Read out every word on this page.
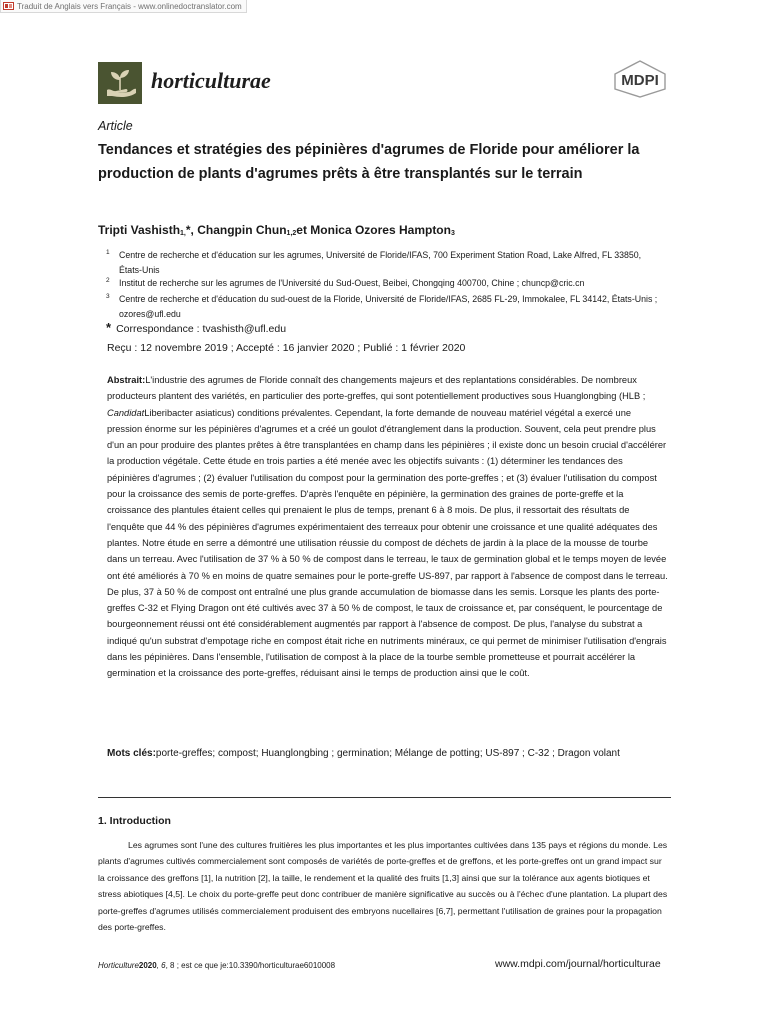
Traduit de Anglais vers Français - www.onlinedoctranslator.com
horticulturae	MDPI
Article
Tendances et stratégies des pépinières d'agrumes de Floride pour améliorer la production de plants d'agrumes prêts à être transplantés sur le terrain
Tripti Vashisth$_{1,}$*, Changpin Chun$_{1,2}$et Monica Ozores Hampton$_3$
1 Centre de recherche et d'éducation sur les agrumes, Université de Floride/IFAS, 700 Experiment Station Road, Lake Alfred, FL 33850, États-Unis
2 Institut de recherche sur les agrumes de l'Université du Sud-Ouest, Beibei, Chongqing 400700, Chine ; chuncp@cric.cn
3 Centre de recherche et d'éducation du sud-ouest de la Floride, Université de Floride/IFAS, 2685 FL-29, Immokalee, FL 34142, États-Unis ; ozores@ufl.edu
* Correspondance : tvashisth@ufl.edu
Reçu : 12 novembre 2019 ; Accepté : 16 janvier 2020 ; Publié : 1 février 2020
Abstrait:L'industrie des agrumes de Floride connaît des changements majeurs et des replantations considérables. De nombreux producteurs plantent des variétés, en particulier des porte-greffes, qui sont potentiellement productives sous Huanglongbing (HLB ; CandidatLiberibacter asiaticus) conditions prévalentes. Cependant, la forte demande de nouveau matériel végétal a exercé une pression énorme sur les pépinières d'agrumes et a créé un goulot d'étranglement dans la production. Souvent, cela peut prendre plus d'un an pour produire des plantes prêtes à être transplantées en champ dans les pépinières ; il existe donc un besoin crucial d'accélérer la production végétale. Cette étude en trois parties a été menée avec les objectifs suivants : (1) déterminer les tendances des pépinières d'agrumes ; (2) évaluer l'utilisation du compost pour la germination des porte-greffes ; et (3) évaluer l'utilisation du compost pour la croissance des semis de porte-greffes. D'après l'enquête en pépinière, la germination des graines de porte-greffe et la croissance des plantules étaient celles qui prenaient le plus de temps, prenant 6 à 8 mois. De plus, il ressortait des résultats de l'enquête que 44 % des pépinières d'agrumes expérimentaient des terreaux pour obtenir une croissance et une qualité adéquates des plantes. Notre étude en serre a démontré une utilisation réussie du compost de déchets de jardin à la place de la mousse de tourbe dans un terreau. Avec l'utilisation de 37 % à 50 % de compost dans le terreau, le taux de germination global et le temps moyen de levée ont été améliorés à 70 % en moins de quatre semaines pour le porte-greffe US-897, par rapport à l'absence de compost dans le terreau. De plus, 37 à 50 % de compost ont entraîné une plus grande accumulation de biomasse dans les semis. Lorsque les plants des porte-greffes C-32 et Flying Dragon ont été cultivés avec 37 à 50 % de compost, le taux de croissance et, par conséquent, le pourcentage de bourgeonnement réussi ont été considérablement augmentés par rapport à l'absence de compost. De plus, l'analyse du substrat a indiqué qu'un substrat d'empotage riche en compost était riche en nutriments minéraux, ce qui permet de minimiser l'utilisation d'engrais dans les pépinières. Dans l'ensemble, l'utilisation de compost à la place de la tourbe semble prometteuse et pourrait accélérer la germination et la croissance des porte-greffes, réduisant ainsi le temps de production ainsi que le coût.
Mots clés:porte-greffes; compost; Huanglongbing ; germination; Mélange de potting; US-897 ; C-32 ; Dragon volant
1. Introduction
Les agrumes sont l'une des cultures fruitières les plus importantes et les plus importantes cultivées dans 135 pays et régions du monde. Les plants d'agrumes cultivés commercialement sont composés de variétés de porte-greffes et de greffons, et les porte-greffes ont un grand impact sur la croissance des greffons [1], la nutrition [2], la taille, le rendement et la qualité des fruits [1,3] ainsi que sur la tolérance aux agents biotiques et stress abiotiques [4,5]. Le choix du porte-greffe peut donc contribuer de manière significative au succès ou à l'échec d'une plantation. La plupart des porte-greffes d'agrumes utilisés commercialement produisent des embryons nucellaires [6,7], permettant l'utilisation de graines pour la propagation des porte-greffes.
Horticulture2020, 6, 8 ; est ce que je:10.3390/horticulturae6010008	www.mdpi.com/journal/horticulturae
